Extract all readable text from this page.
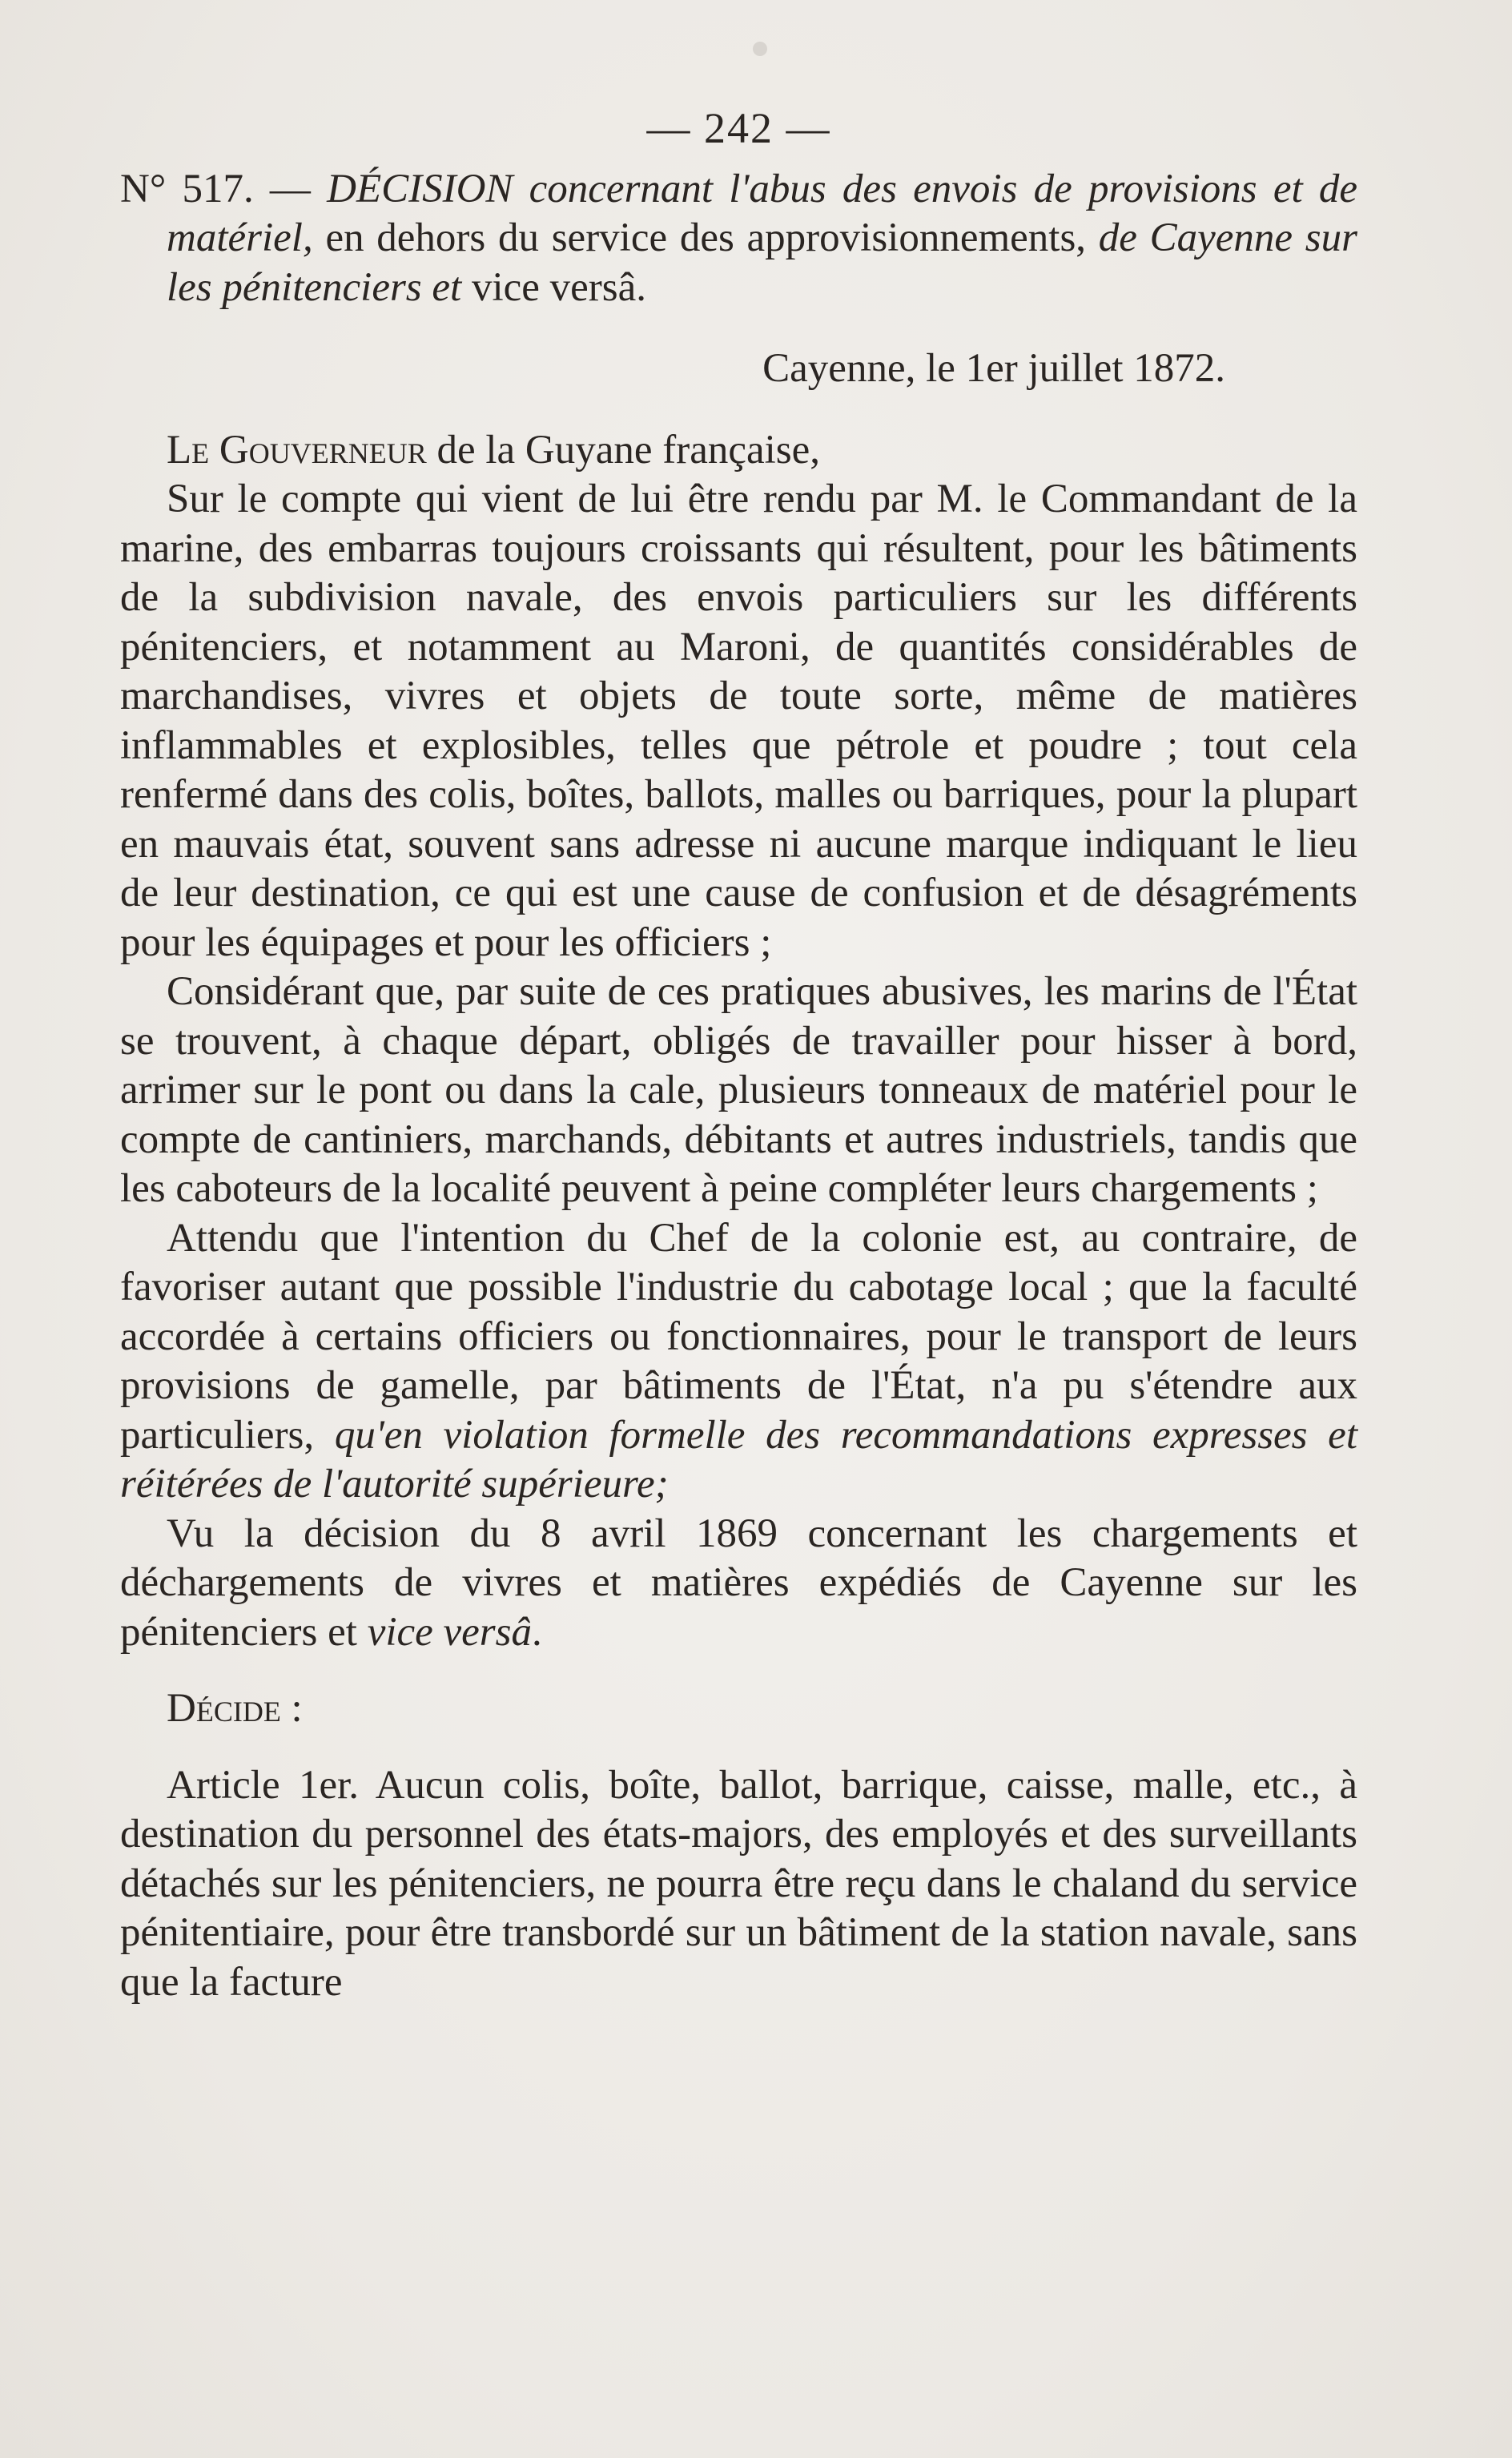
— 242 —
N° 517. — DÉCISION concernant l'abus des envois de provisions et de matériel, en dehors du service des approvisionnements, de Cayenne sur les pénitenciers et vice versâ.
Cayenne, le 1er juillet 1872.

Le Gouverneur de la Guyane française,

Sur le compte qui vient de lui être rendu par M. le Commandant de la marine, des embarras toujours croissants qui résultent, pour les bâtiments de la subdivision navale, des envois particuliers sur les différents pénitenciers, et notamment au Maroni, de quantités considérables de marchandises, vivres et objets de toute sorte, même de matières inflammables et explosibles, telles que pétrole et poudre ; tout cela renfermé dans des colis, boîtes, ballots, malles ou barriques, pour la plupart en mauvais état, souvent sans adresse ni aucune marque indiquant le lieu de leur destination, ce qui est une cause de confusion et de désagréments pour les équipages et pour les officiers ;

Considérant que, par suite de ces pratiques abusives, les marins de l'État se trouvent, à chaque départ, obligés de travailler pour hisser à bord, arrimer sur le pont ou dans la cale, plusieurs tonneaux de matériel pour le compte de cantiniers, marchands, débitants et autres industriels, tandis que les caboteurs de la localité peuvent à peine compléter leurs chargements ;

Attendu que l'intention du Chef de la colonie est, au contraire, de favoriser autant que possible l'industrie du cabotage local ; que la faculté accordée à certains officiers ou fonctionnaires, pour le transport de leurs provisions de gamelle, par bâtiments de l'État, n'a pu s'étendre aux particuliers, qu'en violation formelle des recommandations expresses et réitérées de l'autorité supérieure;

Vu la décision du 8 avril 1869 concernant les chargements et déchargements de vivres et matières expédiés de Cayenne sur les pénitenciers et vice versâ.

Décide :

Article 1er. Aucun colis, boîte, ballot, barrique, caisse, malle, etc., à destination du personnel des états-majors, des employés et des surveillants détachés sur les pénitenciers, ne pourra être reçu dans le chaland du service pénitentiaire, pour être transbordé sur un bâtiment de la station navale, sans que la facture
